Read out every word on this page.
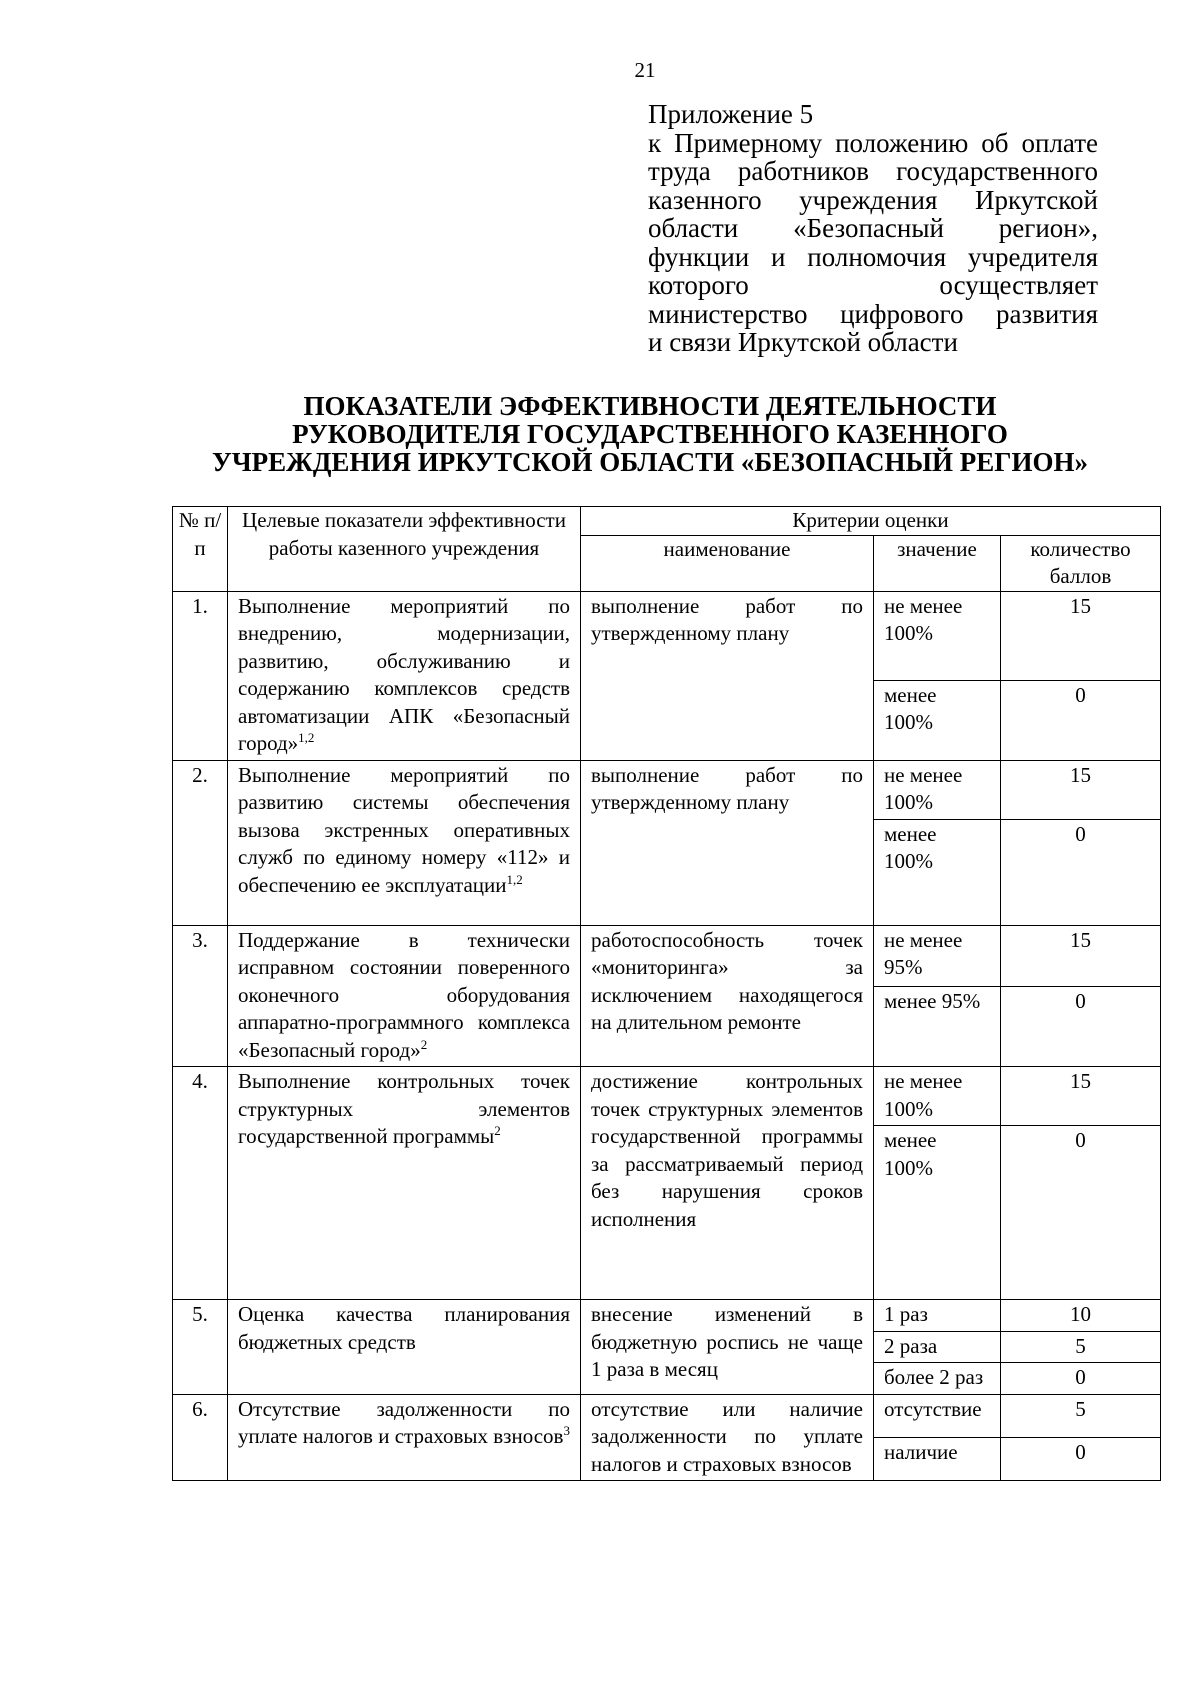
21
Приложение 5
к Примерному положению об оплате
труда работников государственного
казенного учреждения Иркутской
области «Безопасный регион»,
функции и полномочия учредителя
которого осуществляет
министерство цифрового развития
и связи Иркутской области
ПОКАЗАТЕЛИ ЭФФЕКТИВНОСТИ ДЕЯТЕЛЬНОСТИ
РУКОВОДИТЕЛЯ ГОСУДАРСТВЕННОГО КАЗЕННОГО
УЧРЕЖДЕНИЯ ИРКУТСКОЙ ОБЛАСТИ «БЕЗОПАСНЫЙ РЕГИОН»
№ п/п	Целевые показатели эффективности работы казенного учреждения	Критерии оценки		
		наименование	значение	количество баллов
1.	Выполнение мероприятий по внедрению, модернизации, развитию, обслуживанию и содержанию комплексов средств автоматизации АПК «Безопасный город»$^{1,2}$	выполнение работ по утвержденному плану	не менее 100%	15
			менее 100%	0
2.	Выполнение мероприятий по развитию системы обеспечения вызова экстренных оперативных служб по единому номеру «112» и обеспечению ее эксплуатации$^{1,2}$	выполнение работ по утвержденному плану	не менее 100%	15
			менее 100%	0
3.	Поддержание в технически исправном состоянии поверенного оконечного оборудования аппаратно-программного комплекса «Безопасный город»$^2$	работоспособность точек «мониторинга» за исключением находящегося на длительном ремонте	не менее 95%	15
			менее 95%	0
4.	Выполнение контрольных точек структурных элементов государственной программы$^2$	достижение контрольных точек структурных элементов государственной программы за рассматриваемый период без нарушения сроков исполнения	не менее 100%	15
			менее 100%	0
5.	Оценка качества планирования бюджетных средств	внесение изменений в бюджетную роспись не чаще 1 раза в месяц	1 раз	10
			2 раза	5
			более 2 раз	0
6.	Отсутствие задолженности по уплате налогов и страховых взносов$^3$	отсутствие или наличие задолженности по уплате налогов и страховых взносов	отсутствие	5
			наличие	0
